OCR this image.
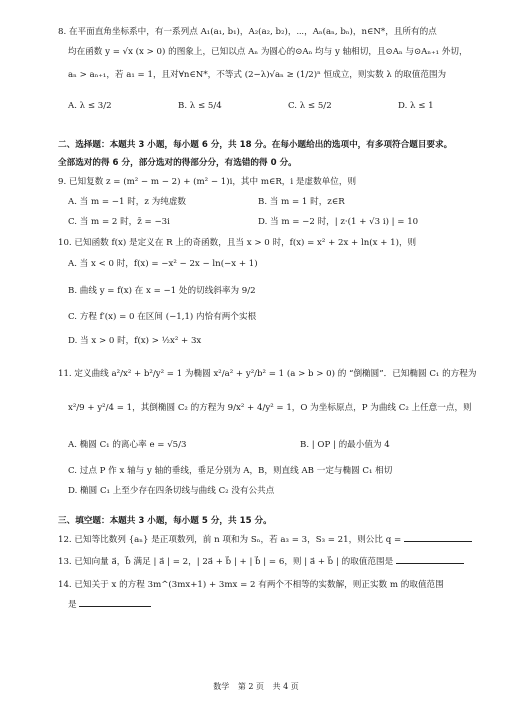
8. 在平面直角坐标系中，有一系列点 A₁(a₁, b₁)，A₂(a₂, b₂)，⋯，Aₙ(aₙ, bₙ)，n∈N*，且所有的点
均在函数 y = √x (x > 0) 的图象上，已知以点 Aₙ 为圆心的⊙Aₙ 均与 y 轴相切，且⊙Aₙ 与⊙Aₙ₊₁ 外切，
aₙ > aₙ₊₁，若 a₁ = 1，且对∀n∈N*，不等式 (2−λ)√aₙ ≥ (1/2)ⁿ 恒成立，则实数 λ 的取值范围为
A. λ ≤ 3/2	B. λ ≤ 5/4	C. λ ≤ 5/2	D. λ ≤ 1
二、选择题：本题共 3 小题，每小题 6 分，共 18 分。在每小题给出的选项中，有多项符合题目要求。
全部选对的得 6 分，部分选对的得部分分，有选错的得 0 分。
9. 已知复数 z = (m² − m − 2) + (m² − 1)i，其中 m∈R，i 是虚数单位，则
A. 当 m = −1 时，z 为纯虚数	B. 当 m = 1 时，z∈R
C. 当 m = 2 时，z̄ = −3i	D. 当 m = −2 时，| z·(1 + √3 i) | = 10
10. 已知函数 f(x) 是定义在 R 上的奇函数，且当 x > 0 时，f(x) = x² + 2x + ln(x + 1)，则
A. 当 x < 0 时，f(x) = −x² − 2x − ln(−x + 1)
B. 曲线 y = f(x) 在 x = −1 处的切线斜率为 9/2
C. 方程 f′(x) = 0 在区间 (−1,1) 内恰有两个实根
D. 当 x > 0 时，f(x) > ½x² + 3x
11. 定义曲线 a²/x² + b²/y² = 1 为椭圆 x²/a² + y²/b² = 1 (a > b > 0) 的 “倒椭圆”．已知椭圆 C₁ 的方程为
x²/9 + y²/4 = 1，其倒椭圆 C₂ 的方程为 9/x² + 4/y² = 1，O 为坐标原点，P 为曲线 C₂ 上任意一点，则
A. 椭圆 C₁ 的离心率 e = √5/3	B. | OP | 的最小值为 4
C. 过点 P 作 x 轴与 y 轴的垂线，垂足分别为 A，B，则直线 AB 一定与椭圆 C₁ 相切
D. 椭圆 C₁ 上至少存在四条切线与曲线 C₂ 没有公共点
三、填空题：本题共 3 小题，每小题 5 分，共 15 分。
12. 已知等比数列 {aₙ} 是正项数列，前 n 项和为 Sₙ，若 a₃ = 3，S₃ = 21，则公比 q =
13. 已知向量 a⃗，b⃗ 满足 | a⃗ | = 2，| 2a⃗ + b⃗ | + | b⃗ | = 6，则 | a⃗ + b⃗ | 的取值范围是
14. 已知关于 x 的方程 3m^(3mx+1) + 3mx = 2 有两个不相等的实数解，则正实数 m 的取值范围
是
数学 第 2 页 共 4 页
